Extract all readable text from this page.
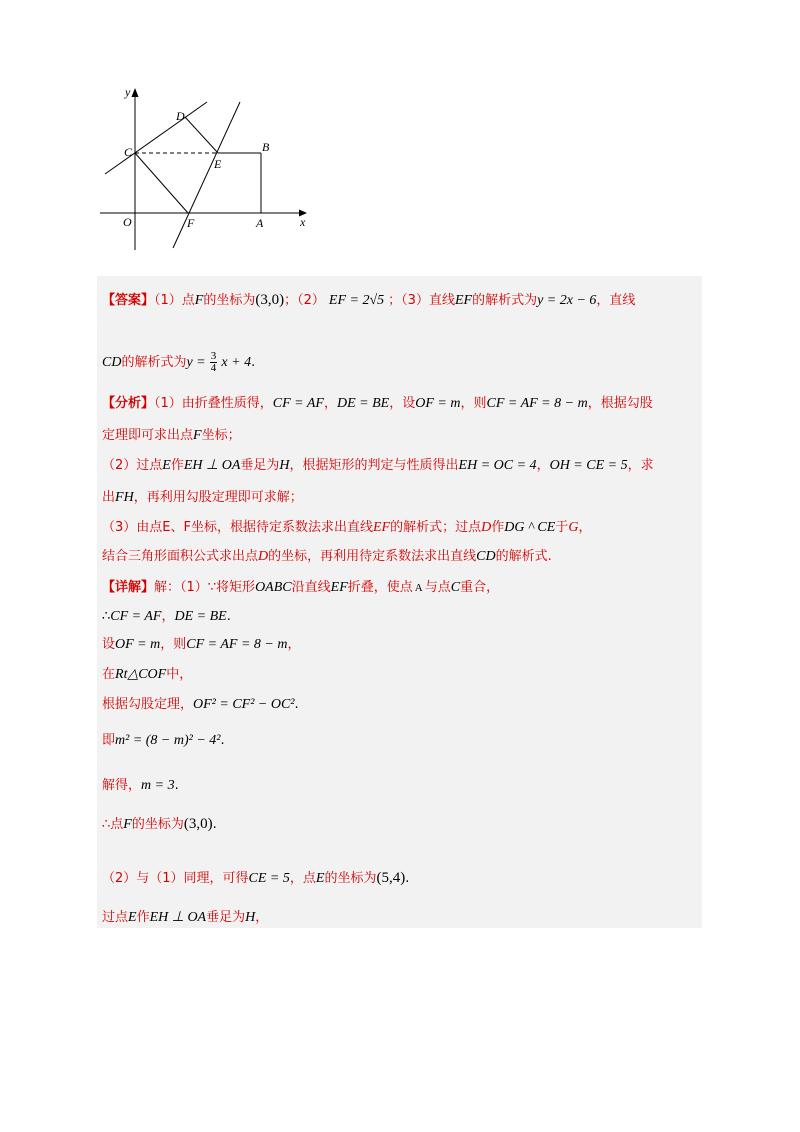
y
x
O	A
B
C
D
E
F
【答案】（1）点F的坐标为(3,0)；（2） EF = 2√5 ；（3）直线EF的解析式为y = 2x − 6，直线
CD的解析式为$y = \frac{3}{4}$ x + 4.
【分析】（1）由折叠性质得，CF = AF，DE = BE，设OF = m，则CF = AF = 8 − m，根据勾股
定理即可求出点F坐标；
（2）过点E作EH ⊥ OA垂足为H，根据矩形的判定与性质得出EH = OC = 4，OH = CE = 5，求
出FH，再利用勾股定理即可求解；
（3）由点E、F坐标，根据待定系数法求出直线EF的解析式；过点D作DG ^ CE于G，
结合三角形面积公式求出点D的坐标，再利用待定系数法求出直线CD的解析式.
【详解】解：（1）∵将矩形OABC沿直线EF折叠，使点 A 与点C重合，
∴CF = AF，DE = BE.
设OF = m，则CF = AF = 8 − m，
在Rt△COF中，
根据勾股定理，OF² = CF² − OC².
即m² = (8 − m)² − 4².
解得，m = 3.
∴点F的坐标为(3,0).
（2）与（1）同理，可得CE = 5，点E的坐标为(5,4).
过点E作EH ⊥ OA垂足为H，
